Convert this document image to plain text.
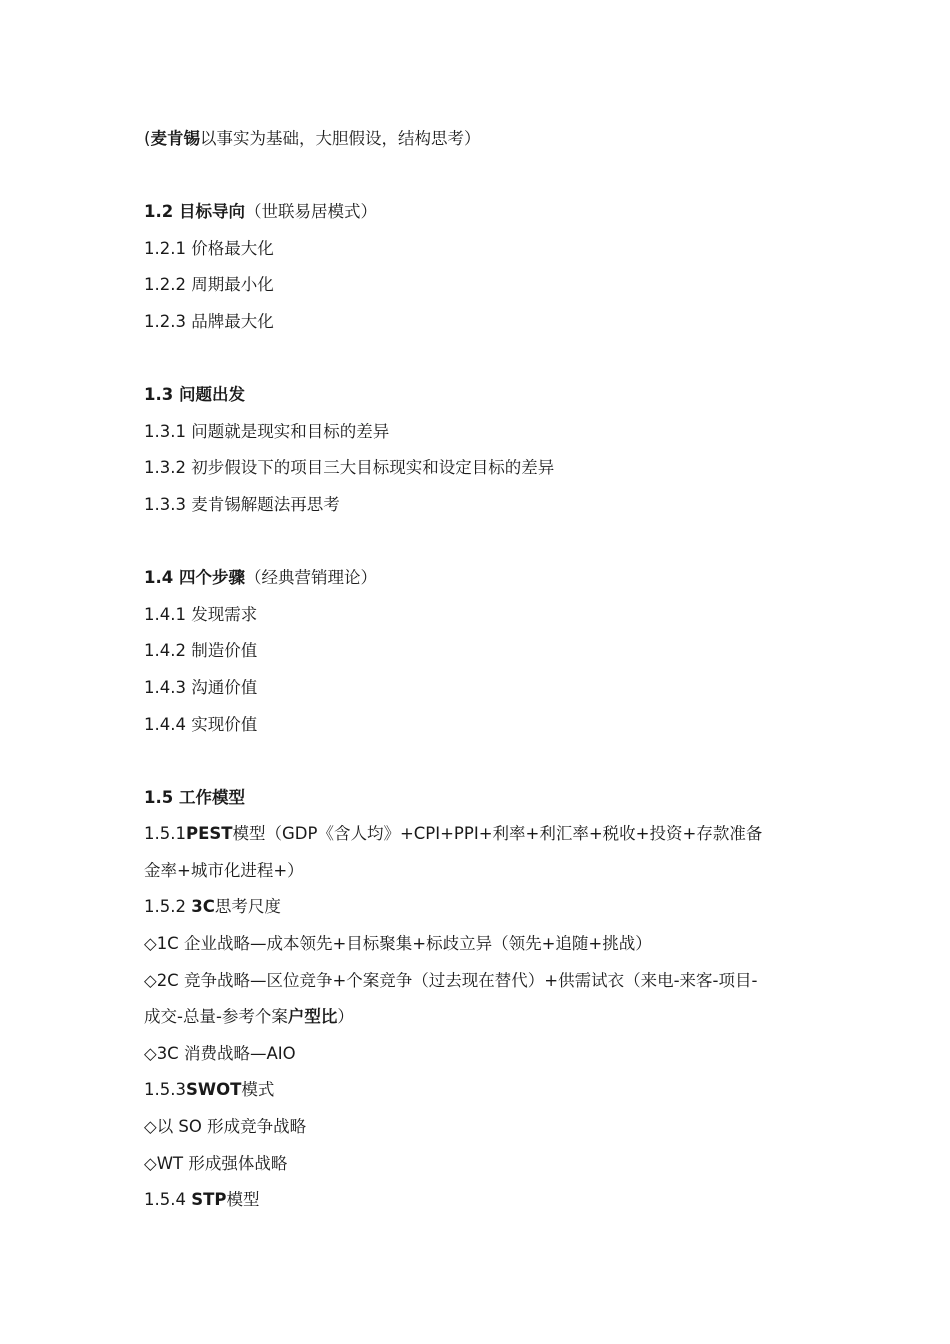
(麦肯锡以事实为基础，大胆假设，结构思考）
1.2 目标导向（世联易居模式）
1.2.1 价格最大化
1.2.2 周期最小化
1.2.3 品牌最大化
1.3 问题出发
1.3.1 问题就是现实和目标的差异
1.3.2 初步假设下的项目三大目标现实和设定目标的差异
1.3.3 麦肯锡解题法再思考
1.4 四个步骤（经典营销理论）
1.4.1 发现需求
1.4.2 制造价值
1.4.3 沟通价值
1.4.4 实现价值
1.5 工作模型
1.5.1PEST模型（GDP《含人均》+CPI+PPI+利率+利汇率+税收+投资+存款准备
金率+城市化进程+）
1.5.2 3C思考尺度
◇1C 企业战略—成本领先+目标聚集+标歧立异（领先+追随+挑战）
◇2C 竞争战略—区位竞争+个案竞争（过去现在替代）+供需试衣（来电-来客-项目-
成交-总量-参考个案户型比）
◇3C 消费战略—AIO
1.5.3SWOT模式
◇以 SO 形成竞争战略
◇WT 形成强体战略
1.5.4 STP模型
